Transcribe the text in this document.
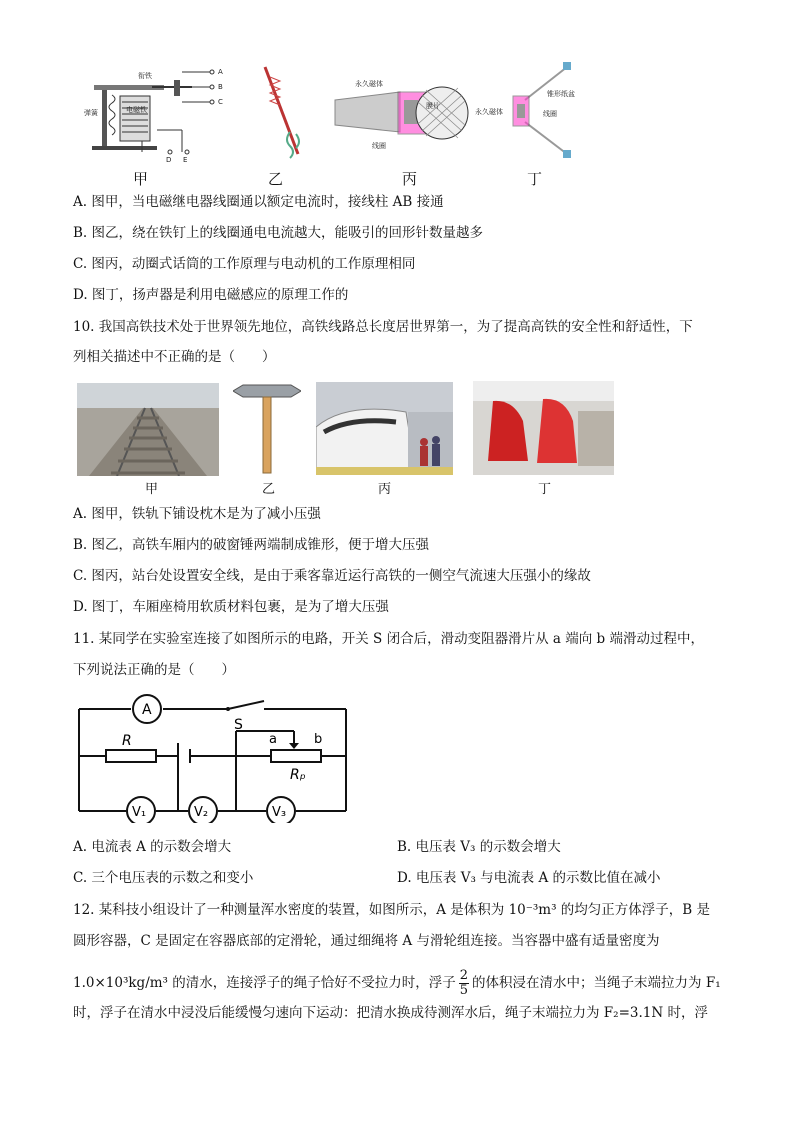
衔铁
弹簧	电磁铁
A
B
C
D E
永久磁体
膜片
线圈
永久磁体
锥形纸盆
线圈
甲	乙	丙	丁
A. 图甲，当电磁继电器线圈通以额定电流时，接线柱 AB 接通
B. 图乙，绕在铁钉上的线圈通电电流越大，能吸引的回形针数量越多
C. 图丙，动圈式话筒的工作原理与电动机的工作原理相同
D. 图丁，扬声器是利用电磁感应的原理工作的
10. 我国高铁技术处于世界领先地位，高铁线路总长度居世界第一，为了提高高铁的安全性和舒适性，下
列相关描述中不正确的是（　　）
甲	乙	丙	丁
A. 图甲，铁轨下铺设枕木是为了减小压强
B. 图乙，高铁车厢内的破窗锤两端制成锥形，便于增大压强
C. 图丙，站台处设置安全线，是由于乘客靠近运行高铁的一侧空气流速大压强小的缘故
D. 图丁，车厢座椅用软质材料包裹，是为了增大压强
11. 某同学在实验室连接了如图所示的电路，开关 S 闭合后，滑动变阻器滑片从 a 端向 b 端滑动过程中，
下列说法正确的是（　　）
A
S
R	a	b
Rₚ
V₁	V₂	V₃
A. 电流表 A 的示数会增大	B. 电压表 V₃ 的示数会增大
C. 三个电压表的示数之和变小	D. 电压表 V₃ 与电流表 A 的示数比值在减小
12. 某科技小组设计了一种测量浑水密度的装置，如图所示，A 是体积为 10⁻³m³ 的均匀正方体浮子，B 是
圆形容器，C 是固定在容器底部的定滑轮，通过细绳将 A 与滑轮组连接。当容器中盛有适量密度为
1.0×10³kg/m³ 的清水，连接浮子的绳子恰好不受拉力时，浮子 $\frac{2}{5}$ 的体积浸在清水中；当绳子末端拉力为 F₁
时，浮子在清水中浸没后能缓慢匀速向下运动：把清水换成待测浑水后，绳子末端拉力为 F₂=3.1N 时，浮
